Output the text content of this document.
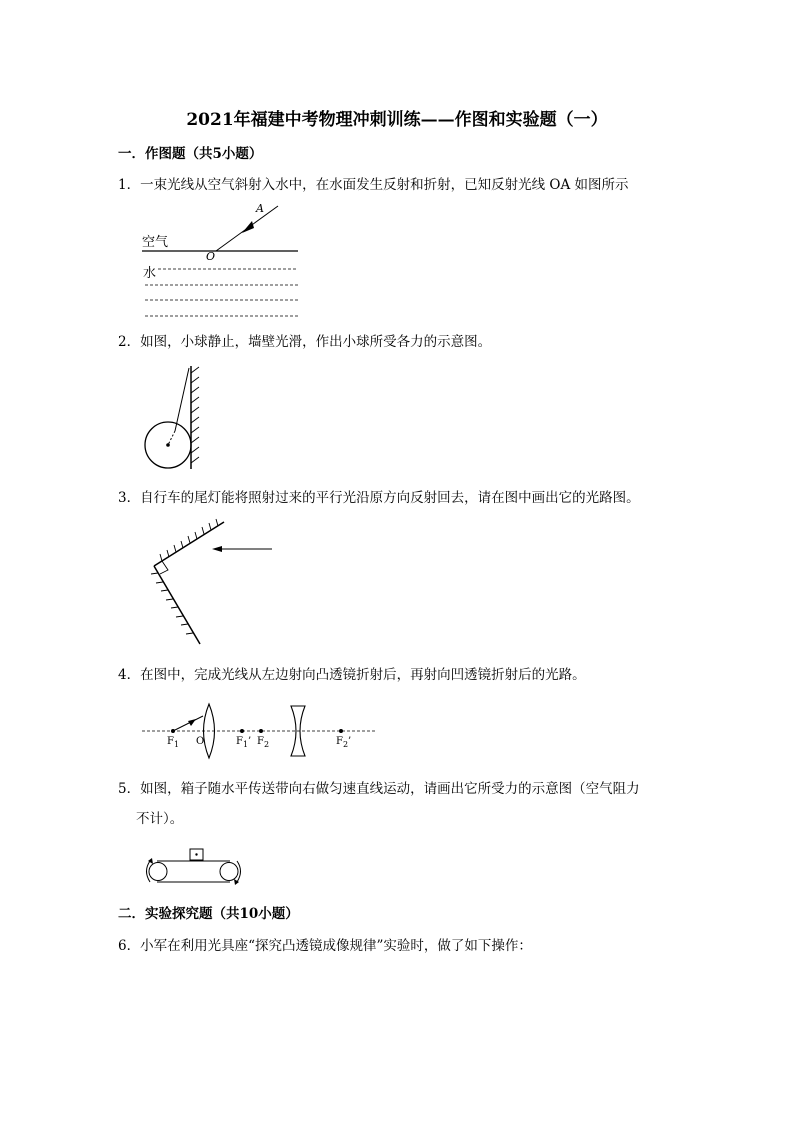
2021年福建中考物理冲刺训练——作图和实验题（一）
一．作图题（共5小题）
1．一束光线从空气斜射入水中，在水面发生反射和折射，已知反射光线 OA 如图所示
空气
水
O
A
2．如图，小球静止，墙壁光滑，作出小球所受各力的示意图。
3．自行车的尾灯能将照射过来的平行光沿原方向反射回去，请在图中画出它的光路图。
4．在图中，完成光线从左边射向凸透镜折射后，再射向凹透镜折射后的光路。
$F_1$ O	$F_1$’ $F_2$	$F_2$’
5．如图，箱子随水平传送带向右做匀速直线运动，请画出它所受力的示意图（空气阻力
不计）。
二．实验探究题（共10小题）
6．小军在利用光具座“探究凸透镜成像规律”实验时，做了如下操作：
